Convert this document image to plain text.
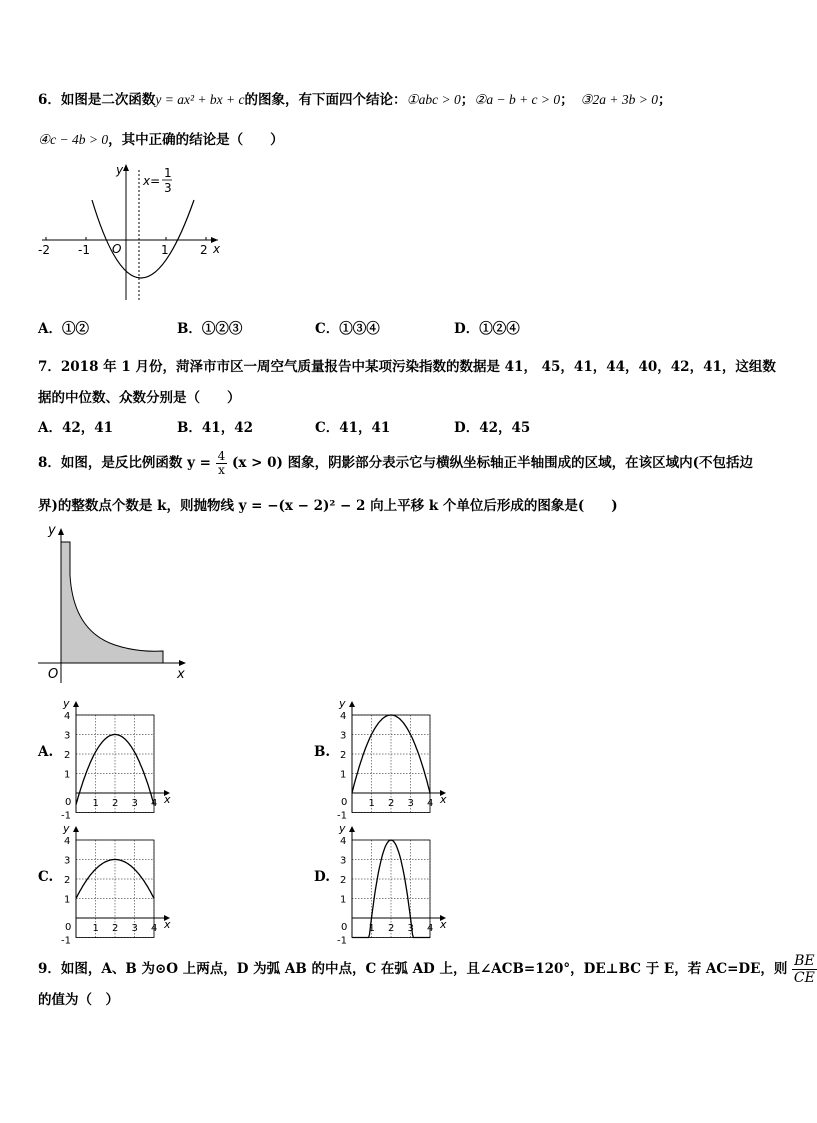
6．如图是二次函数y = ax² + bx + c的图象，有下面四个结论：①abc > 0；②a − b + c > 0；　③2a + 3b > 0；
④c − 4b > 0，其中正确的结论是（　　）
-2 -1	1	2
O	x
y
x=
1
3
A．①②	B．①②③	C．①③④	D．①②④
7．2018 年 1 月份，菏泽市市区一周空气质量报告中某项污染指数的数据是 41， 45，41，44，40，42，41，这组数
据的中位数、众数分别是（　　）
A．42，41	B．41，42	C．41，41	D．42，45
8．如图，是反比例函数 $y = \frac{4}{x} (x > 0)$ 图象，阴影部分表示它与横纵坐标轴正半轴围成的区域，在该区域内(不包括边
界)的整数点个数是 k，则抛物线 y = −(x − 2)² − 2 向上平移 k 个单位后形成的图象是(　　)
O	x
y
A.
1 2 3 4
1
2
3
4
0
-1
x
y
B.
1 2 3 4
1
2
3
4
0
-1
x
y
C.
1 2 3 4
1
2
3
4
0
-1
x
y
D.
1 2 3 4
1
2
3
4
0
-1
x
y
9．如图，A、B 为⊙O 上两点，D 为弧 AB 的中点，C 在弧 AD 上，且∠ACB=120°，DE⊥BC 于 E，若 AC=DE，则 $\frac{BE}{CE}$
的值为（　）
